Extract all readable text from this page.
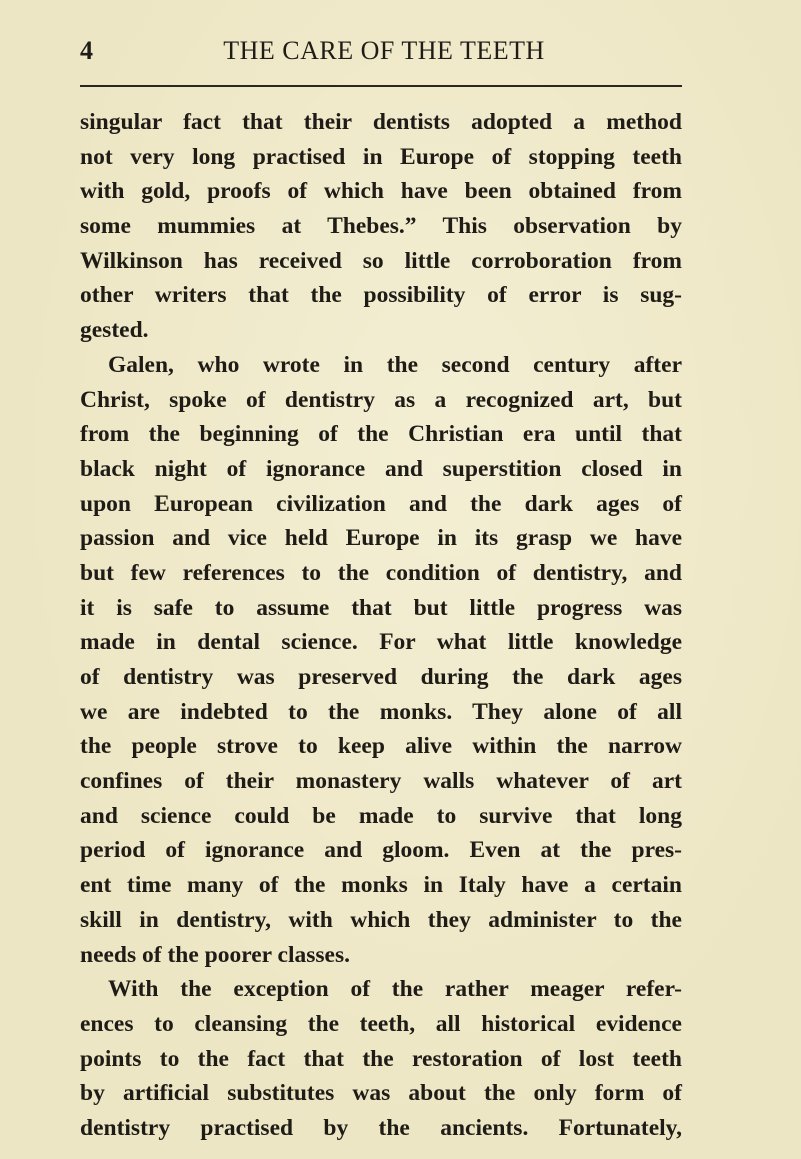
4	THE CARE OF THE TEETH
singular fact that their dentists adopted a method
not very long practised in Europe of stopping teeth
with gold, proofs of which have been obtained from
some mummies at Thebes.” This observation by
Wilkinson has received so little corroboration from
other writers that the possibility of error is sug-
gested.
Galen, who wrote in the second century after
Christ, spoke of dentistry as a recognized art, but
from the beginning of the Christian era until that
black night of ignorance and superstition closed in
upon European civilization and the dark ages of
passion and vice held Europe in its grasp we have
but few references to the condition of dentistry, and
it is safe to assume that but little progress was
made in dental science. For what little knowledge
of dentistry was preserved during the dark ages
we are indebted to the monks. They alone of all
the people strove to keep alive within the narrow
confines of their monastery walls whatever of art
and science could be made to survive that long
period of ignorance and gloom. Even at the pres-
ent time many of the monks in Italy have a certain
skill in dentistry, with which they administer to the
needs of the poorer classes.
With the exception of the rather meager refer-
ences to cleansing the teeth, all historical evidence
points to the fact that the restoration of lost teeth
by artificial substitutes was about the only form of
dentistry practised by the ancients. Fortunately,
